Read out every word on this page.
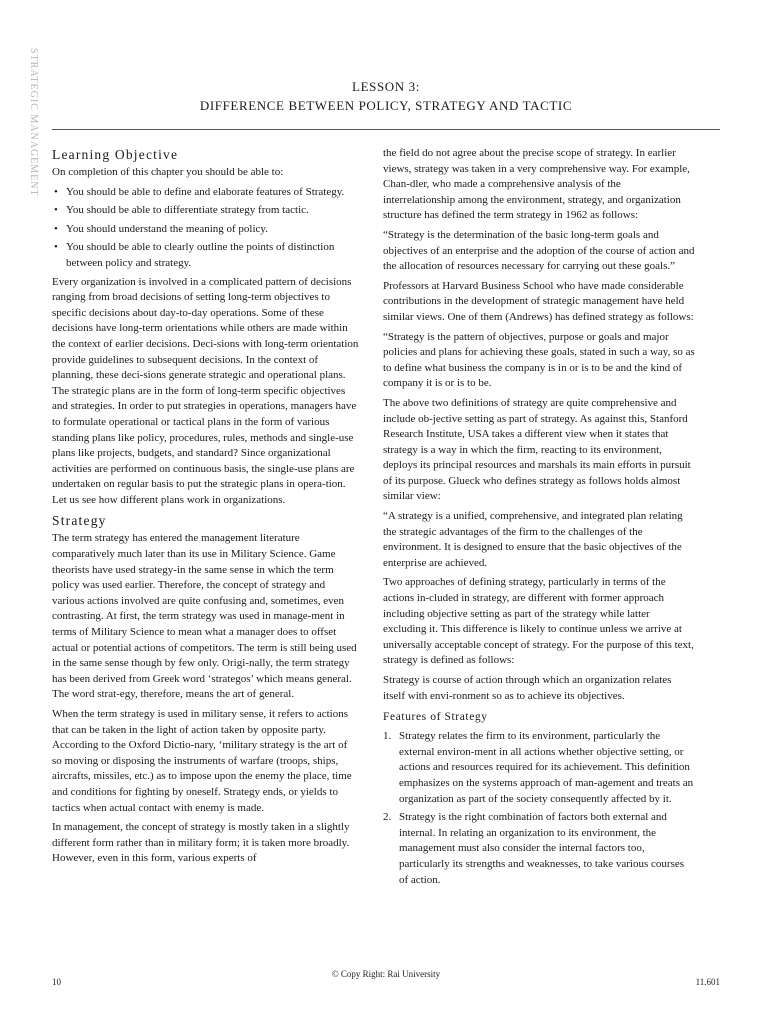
STRATEGIC MANAGEMENT	LESSON 3:
DIFFERENCE BETWEEN POLICY, STRATEGY AND TACTIC
Learning Objective

On completion of this chapter you should be able to:

• You should be able to define and elaborate features of Strategy.
• You should be able to differentiate strategy from tactic.
• You should understand the meaning of policy.
• You should be able to clearly outline the points of distinction between policy and strategy.

Every organization is involved in a complicated pattern of decisions ranging from broad decisions of setting long-term objectives to specific decisions about day-to-day operations. Some of these decisions have long-term orientations while others are made within the context of earlier decisions. Deci-sions with long-term orientation provide guidelines to subsequent decisions. In the context of planning, these deci-sions generate strategic and operational plans. The strategic plans are in the form of long-term specific objectives and strategies. In order to put strategies in operations, managers have to formulate operational or tactical plans in the form of various standing plans like policy, procedures, rules, methods and single-use plans like projects, budgets, and standard? Since organizational activities are performed on continuous basis, the single-use plans are undertaken on regular basis to put the strategic plans in opera-tion. Let us see how different plans work in organizations.

Strategy

The term strategy has entered the management literature comparatively much later than its use in Military Science. Game theorists have used strategy-in the same sense in which the term policy was used earlier. Therefore, the concept of strategy and various actions involved are quite confusing and, sometimes, even contrasting. At first, the term strategy was used in manage-ment in terms of Military Science to mean what a manager does to offset actual or potential actions of competitors. The term is still being used in the same sense though by few only. Origi-nally, the term strategy has been derived from Greek word ‘strategos’ which means general. The word strat-egy, therefore, means the art of general.

When the term strategy is used in military sense, it refers to actions that can be taken in the light of action taken by opposite party. According to the Oxford Dictio-nary, ‘military strategy is the art of so moving or disposing the instruments of warfare (troops, ships, aircrafts, missiles, etc.) as to impose upon the enemy the place, time and conditions for fighting by oneself. Strategy ends, or yields to tactics when actual contact with enemy is made.

In management, the concept of strategy is mostly taken in a slightly different form rather than in military form; it is taken more broadly. However, even in this form, various experts of

the field do not agree about the precise scope of strategy. In earlier views, strategy was taken in a very comprehensive way. For example, Chan-dler, who made a comprehensive analysis of the interrelationship among the environment, strategy, and organization structure has defined the term strategy in 1962 as follows:

“Strategy is the determination of the basic long-term goals and objectives of an enterprise and the adoption of the course of action and the allocation of resources necessary for carrying out these goals.”

Professors at Harvard Business School who have made considerable contributions in the development of strategic management have held similar views. One of them (Andrews) has defined strategy as follows:

“Strategy is the pattern of objectives, purpose or goals and major policies and plans for achieving these goals, stated in such a way, so as to define what business the company is in or is to be and the kind of company it is or is to be.

The above two definitions of strategy are quite comprehensive and include ob-jective setting as part of strategy. As against this, Stanford Research Institute, USA takes a different view when it states that strategy is a way in which the firm, reacting to its environment, deploys its principal resources and marshals its main efforts in pursuit of its purpose. Glueck who defines strategy as follows holds almost similar view:

“A strategy is a unified, comprehensive, and integrated plan relating the strategic advantages of the firm to the challenges of the environment. It is designed to ensure that the basic objectives of the enterprise are achieved.

Two approaches of defining strategy, particularly in terms of the actions in-cluded in strategy, are different with former approach including objective setting as part of the strategy while latter excluding it. This difference is likely to continue unless we arrive at universally acceptable concept of strategy. For the purpose of this text, strategy is defined as follows:

Strategy is course of action through which an organization relates itself with envi-ronment so as to achieve its objectives.

Features of Strategy
1. Strategy relates the firm to its environment, particularly the external environ-ment in all actions whether objective setting, or actions and resources required for its achievement. This definition emphasizes on the systems approach of man-agement and treats an organization as part of the society consequently affected by it.
2. Strategy is the right combination of factors both external and internal. In relating an organization to its environment, the management must also consider the internal factors too, particularly its strengths and weaknesses, to take various courses of action.
10
© Copy Right: Rai University
11.601
